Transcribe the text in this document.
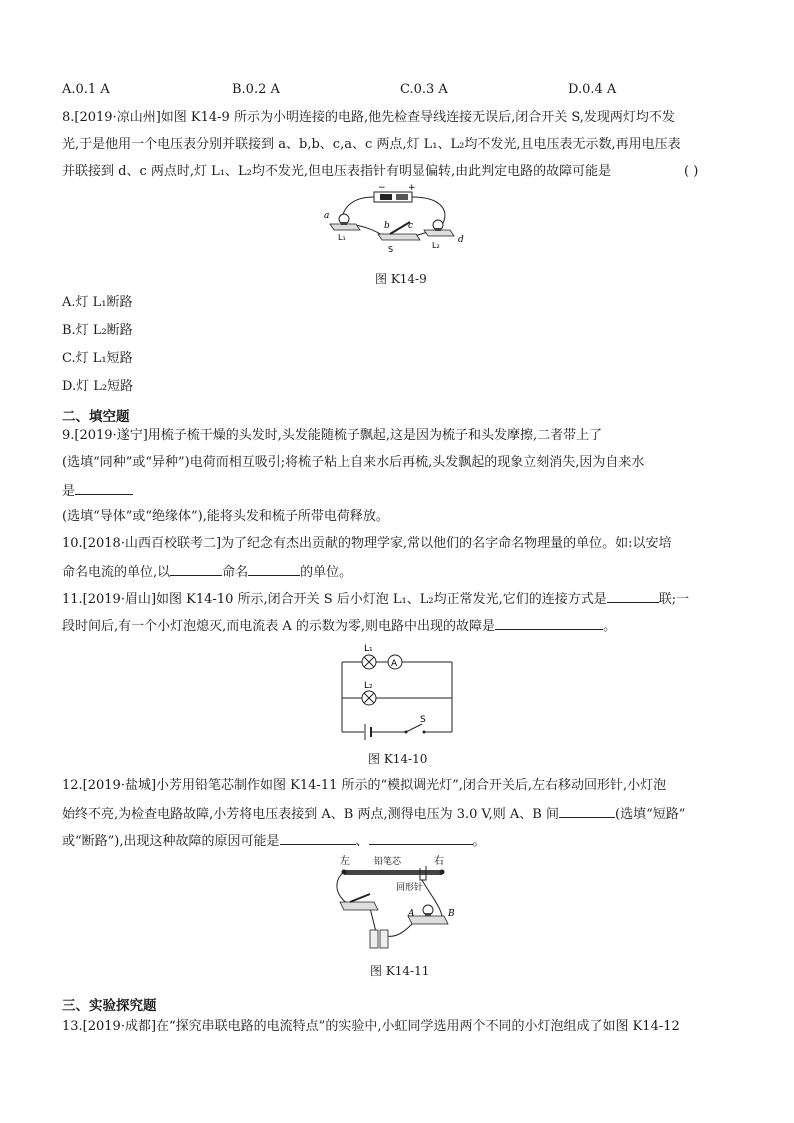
A.0.1 A	B.0.2 A	C.0.3 A	D.0.4 A
8.[2019·凉山州]如图 K14-9 所示为小明连接的电路,他先检查导线连接无误后,闭合开关 S,发现两灯均不发
光,于是他用一个电压表分别并联接到 a、b,b、c,a、c 两点,灯 L₁、L₂均不发光,且电压表无示数,再用电压表
并联接到 d、c 两点时,灯 L₁、L₂均不发光,但电压表指针有明显偏转,由此判定电路的故障可能是	( )
− +
a
b c
d
L₁
S	L₂
图 K14-9
A.灯 L₁断路
B.灯 L₂断路
C.灯 L₁短路
D.灯 L₂短路
二、填空题
9.[2019·遂宁]用梳子梳干燥的头发时,头发能随梳子飘起,这是因为梳子和头发摩擦,二者带上了
(选填“同种”或“异种”)电荷而相互吸引;将梳子粘上自来水后再梳,头发飘起的现象立刻消失,因为自来水
是
(选填“导体”或“绝缘体”),能将头发和梳子所带电荷释放。
10.[2018·山西百校联考二]为了纪念有杰出贡献的物理学家,常以他们的名字命名物理量的单位。如:以安培
命名电流的单位,以	命名	的单位。
11.[2019·眉山]如图 K14-10 所示,闭合开关 S 后小灯泡 L₁、L₂均正常发光,它们的连接方式是	联;一
段时间后,有一个小灯泡熄灭,而电流表 A 的示数为零,则电路中出现的故障是	。
A
L₁
L₂
S
图 K14-10
12.[2019·盐城]小芳用铅笔芯制作如图 K14-11 所示的“模拟调光灯”,闭合开关后,左右移动回形针,小灯泡
始终不亮,为检查电路故障,小芳将电压表接到 A、B 两点,测得电压为 3.0 V,则 A、B 间	(选填“短路”
或“断路”),出现这种故障的原因可能是	、	。
左	右
铅笔芯
回形针
A	B
图 K14-11
三、实验探究题
13.[2019·成都]在“探究串联电路的电流特点”的实验中,小虹同学选用两个不同的小灯泡组成了如图 K14-12
